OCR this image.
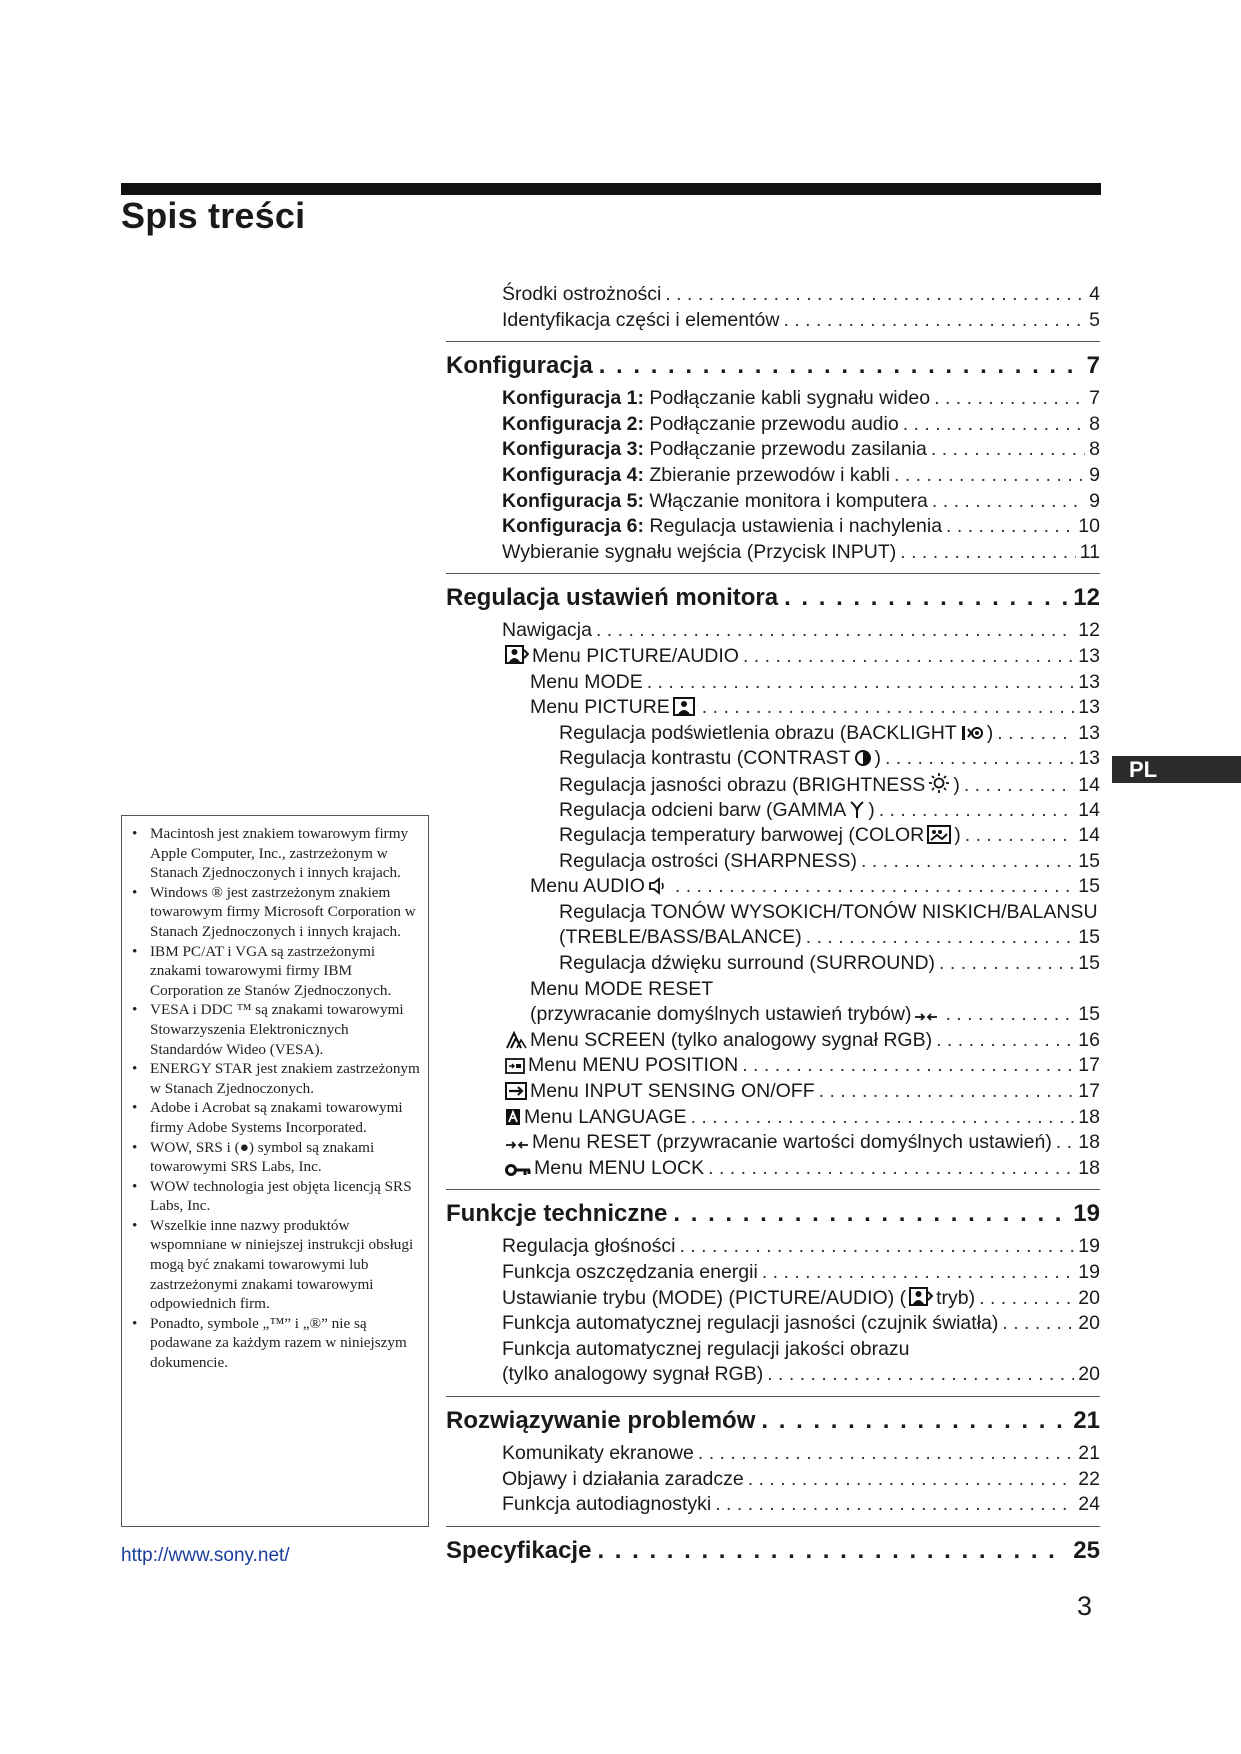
Spis treści
Środki ostrożności . . .	4
Identyfikacja części i elementów . . .	5
Konfiguracja . . .	7
Konfiguracja 1: Podłączanie kabli sygnału wideo . . .	7
Konfiguracja 2: Podłączanie przewodu audio . . .	8
Konfiguracja 3: Podłączanie przewodu zasilania . . .	8
Konfiguracja 4: Zbieranie przewodów i kabli . . .	9
Konfiguracja 5: Włączanie monitora i komputera . . .	9
Konfiguracja 6: Regulacja ustawienia i nachylenia . . .	10
Wybieranie sygnału wejścia (Przycisk INPUT) . . .	11
Regulacja ustawień monitora . . .	12
Nawigacja . . .	12
Menu PICTURE/AUDIO . . .	13
Menu MODE . . .	13
Menu PICTURE . . .	13
Regulacja podświetlenia obrazu (BACKLIGHT ) . . .	13
Regulacja kontrastu (CONTRAST ) . . .	13
Regulacja jasności obrazu (BRIGHTNESS ) . . .	14
Regulacja odcieni barw (GAMMA ) . . .	14
Regulacja temperatury barwowej (COLOR ) . . .	14
Regulacja ostrości (SHARPNESS) . . .	15
Menu AUDIO . . .	15
Regulacja TONÓW WYSOKICH/TONÓW NISKICH/BALANSU
(TREBLE/BASS/BALANCE) . . .	15
Regulacja dźwięku surround (SURROUND) . . .	15
Menu MODE RESET
(przywracanie domyślnych ustawień trybów) . . .	15
Menu SCREEN (tylko analogowy sygnał RGB) . . .	16
Menu MENU POSITION . . .	17
Menu INPUT SENSING ON/OFF . . .	17
Menu LANGUAGE . . .	18
Menu RESET (przywracanie wartości domyślnych ustawień) . . . 18
Menu MENU LOCK . . .	18
Funkcje techniczne . . .	19
Regulacja głośności . . .	19
Funkcja oszczędzania energii . . .	19
Ustawianie trybu (MODE) (PICTURE/AUDIO) ( tryb) . . .	20
Funkcja automatycznej regulacji jasności (czujnik światła) . . .	20
Funkcja automatycznej regulacji jakości obrazu
(tylko analogowy sygnał RGB) . . .	20
Rozwiązywanie problemów . . .	21
Komunikaty ekranowe . . .	21
Objawy i działania zaradcze . . .	22
Funkcja autodiagnostyki . . .	24
Specyfikacje . . .	25
• Macintosh jest znakiem towarowym firmy Apple Computer, Inc., zastrzeżonym w Stanach Zjednoczonych i innych krajach.
• Windows ® jest zastrzeżonym znakiem towarowym firmy Microsoft Corporation w Stanach Zjednoczonych i innych krajach.
• IBM PC/AT i VGA są zastrzeżonymi znakami towarowymi firmy IBM Corporation ze Stanów Zjednoczonych.
• VESA i DDC ™ są znakami towarowymi Stowarzyszenia Elektronicznych Standardów Wideo (VESA).
• ENERGY STAR jest znakiem zastrzeżonym w Stanach Zjednoczonych.
• Adobe i Acrobat są znakami towarowymi firmy Adobe Systems Incorporated.
• WOW, SRS i (●) symbol są znakami towarowymi SRS Labs, Inc.
• WOW technologia jest objęta licencją SRS Labs, Inc.
• Wszelkie inne nazwy produktów wspomniane w niniejszej instrukcji obsługi mogą być znakami towarowymi lub zastrzeżonymi znakami towarowymi odpowiednich firm.
• Ponadto, symbole „™” i „®” nie są podawane za każdym razem w niniejszym dokumencie.
http://www.sony.net/
PL
3
